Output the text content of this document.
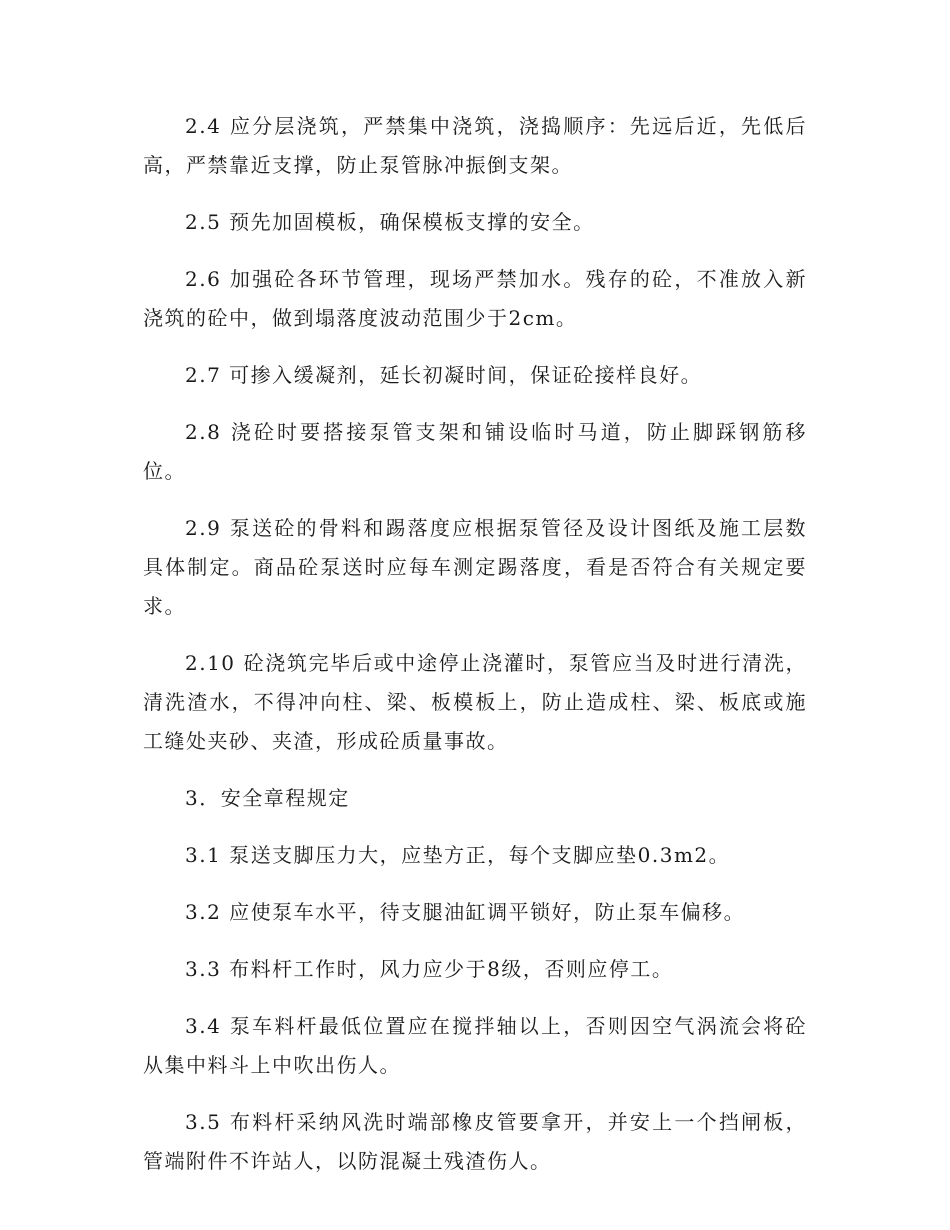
2.4 应分层浇筑，严禁集中浇筑，浇捣顺序：先远后近，先低后高，严禁靠近支撑，防止泵管脉冲振倒支架。

2.5 预先加固模板，确保模板支撑的安全。

2.6 加强砼各环节管理，现场严禁加水。残存的砼，不准放入新浇筑的砼中，做到塌落度波动范围少于2cm。

2.7 可掺入缓凝剂，延长初凝时间，保证砼接样良好。

2.8 浇砼时要搭接泵管支架和铺设临时马道，防止脚踩钢筋移位。

2.9 泵送砼的骨料和踢落度应根据泵管径及设计图纸及施工层数具体制定。商品砼泵送时应每车测定踢落度，看是否符合有关规定要求。

2.10 砼浇筑完毕后或中途停止浇灌时，泵管应当及时进行清洗，清洗渣水，不得冲向柱、梁、板模板上，防止造成柱、梁、板底或施工缝处夹砂、夹渣，形成砼质量事故。

3．安全章程规定

3.1 泵送支脚压力大，应垫方正，每个支脚应垫0.3m2。

3.2 应使泵车水平，待支腿油缸调平锁好，防止泵车偏移。

3.3 布料杆工作时，风力应少于8级，否则应停工。

3.4 泵车料杆最低位置应在搅拌轴以上，否则因空气涡流会将砼从集中料斗上中吹出伤人。

3.5 布料杆采纳风洗时端部橡皮管要拿开，并安上一个挡闸板，管端附件不许站人，以防混凝土残渣伤人。
